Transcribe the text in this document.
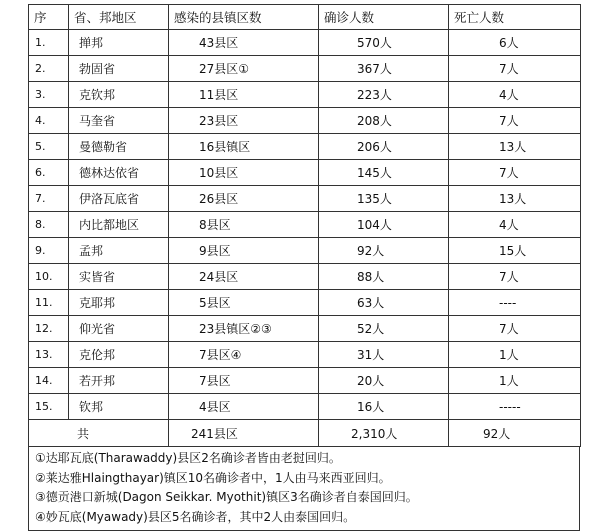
序	省、邦地区	感染的县镇区数	确诊人数	死亡人数
1.	掸邦	43县区	570人	6人
2.	勃固省	27县区①	367人	7人
3.	克钦邦	11县区	223人	4人
4.	马奎省	23县区	208人	7人
5.	曼德勒省	16县镇区	206人	13人
6.	德林达依省	10县区	145人	7人
7.	伊洛瓦底省	26县区	135人	13人
8.	内比都地区	8县区	104人	4人
9.	孟邦	9县区	92人	15人
10.	实皆省	24县区	88人	7人
11.	克耶邦	5县区	63人	----
12.	仰光省	23县镇区②③	52人	7人
13.	克伦邦	7县区④	31人	1人
14.	若开邦	7县区	20人	1人
15.	钦邦	4县区	16人	-----
共		241县区	2,310人	92人
①达耶瓦底(Tharawaddy)县区2名确诊者皆由老挝回归。
②莱达雅Hlaingthayar)镇区10名确诊者中，1人由马来西亚回归。
③德贡港口新城(Dagon Seikkar. Myothit)镇区3名确诊者自泰国回归。
④妙瓦底(Myawady)县区5名确诊者，其中2人由泰国回归。
